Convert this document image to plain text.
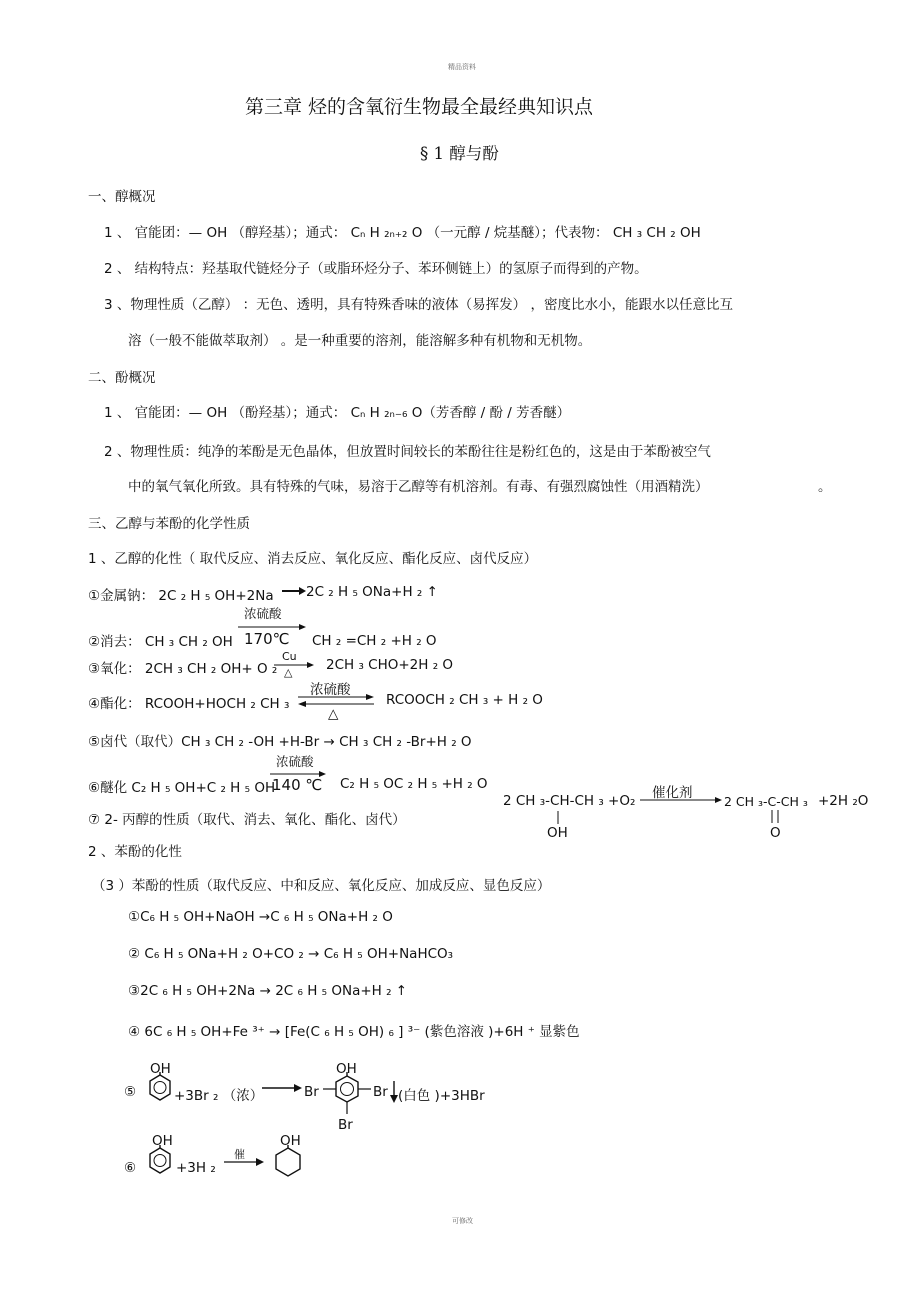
精品资料
第三章 烃的含氧衍生物最全最经典知识点
§ 1 醇与酚
一、醇概况
1 、 官能团：— OH （醇羟基）；通式： Cₙ H ₂ₙ₊₂ O （一元醇 / 烷基醚）；代表物： CH ₃ CH ₂ OH
2 、 结构特点：羟基取代链烃分子（或脂环烃分子、苯环侧链上）的氢原子而得到的产物。
3 、物理性质（乙醇） ：无色、透明，具有特殊香味的液体（易挥发） ，密度比水小，能跟水以任意比互
溶（一般不能做萃取剂） 。是一种重要的溶剂，能溶解多种有机物和无机物。
二、酚概况
1 、 官能团：— OH （酚羟基）；通式： Cₙ H ₂ₙ₋₆ O（芳香醇 / 酚 / 芳香醚）
2 、物理性质：纯净的苯酚是无色晶体，但放置时间较长的苯酚往往是粉红色的，这是由于苯酚被空气
中的氧气氧化所致。具有特殊的气味，易溶于乙醇等有机溶剂。有毒、有强烈腐蚀性（用酒精洗）	。
三、乙醇与苯酚的化学性质
1 、乙醇的化性（ 取代反应、消去反应、氧化反应、酯化反应、卤代反应）
①金属钠： 2C ₂ H ₅ OH+2Na 2C ₂ H ₅ ONa+H ₂ ↑
浓硫酸
②消去： CH ₃ CH ₂ OH 170℃ CH ₂ =CH ₂ +H ₂ O
③氧化： 2CH ₃ CH ₂ OH+ O ₂
Cu
△ 2CH ₃ CHO+2H ₂ O
浓硫酸
④酯化： RCOOH+HOCH ₂ CH ₃
△
RCOOCH ₂ CH ₃ + H ₂ O
⑤卤代（取代）CH ₃ CH ₂ -OH +H-Br → CH ₃ CH ₂ -Br+H ₂ O
浓硫酸
⑥醚化 C₂ H ₅ OH+C ₂ H ₅ OH
140 ℃ C₂ H ₅ OC ₂ H ₅ +H ₂ O
⑦ 2- 丙醇的性质（取代、消去、氧化、酯化、卤代）
2 CH ₃-CH-CH ₃ +O₂ 催化剂
2 CH ₃-C-CH ₃ +2H ₂O
OH	O
2 、苯酚的化性
（3 ）苯酚的性质（取代反应、中和反应、氧化反应、加成反应、显色反应）
①C₆ H ₅ OH+NaOH →C ₆ H ₅ ONa+H ₂ O
② C₆ H ₅ ONa+H ₂ O+CO ₂ → C₆ H ₅ OH+NaHCO₃
③2C ₆ H ₅ OH+2Na → 2C ₆ H ₅ ONa+H ₂ ↑
④ 6C ₆ H ₅ OH+Fe ³⁺ → [Fe(C ₆ H ₅ OH) ₆ ] ³⁻ (紫色溶液 )+6H ⁺ 显紫色
⑤
OH
+3Br ₂ （浓）	Br
OH
Br (白色 )+3HBr
Br
⑥
OH
+3H ₂
催
OH
可修改
